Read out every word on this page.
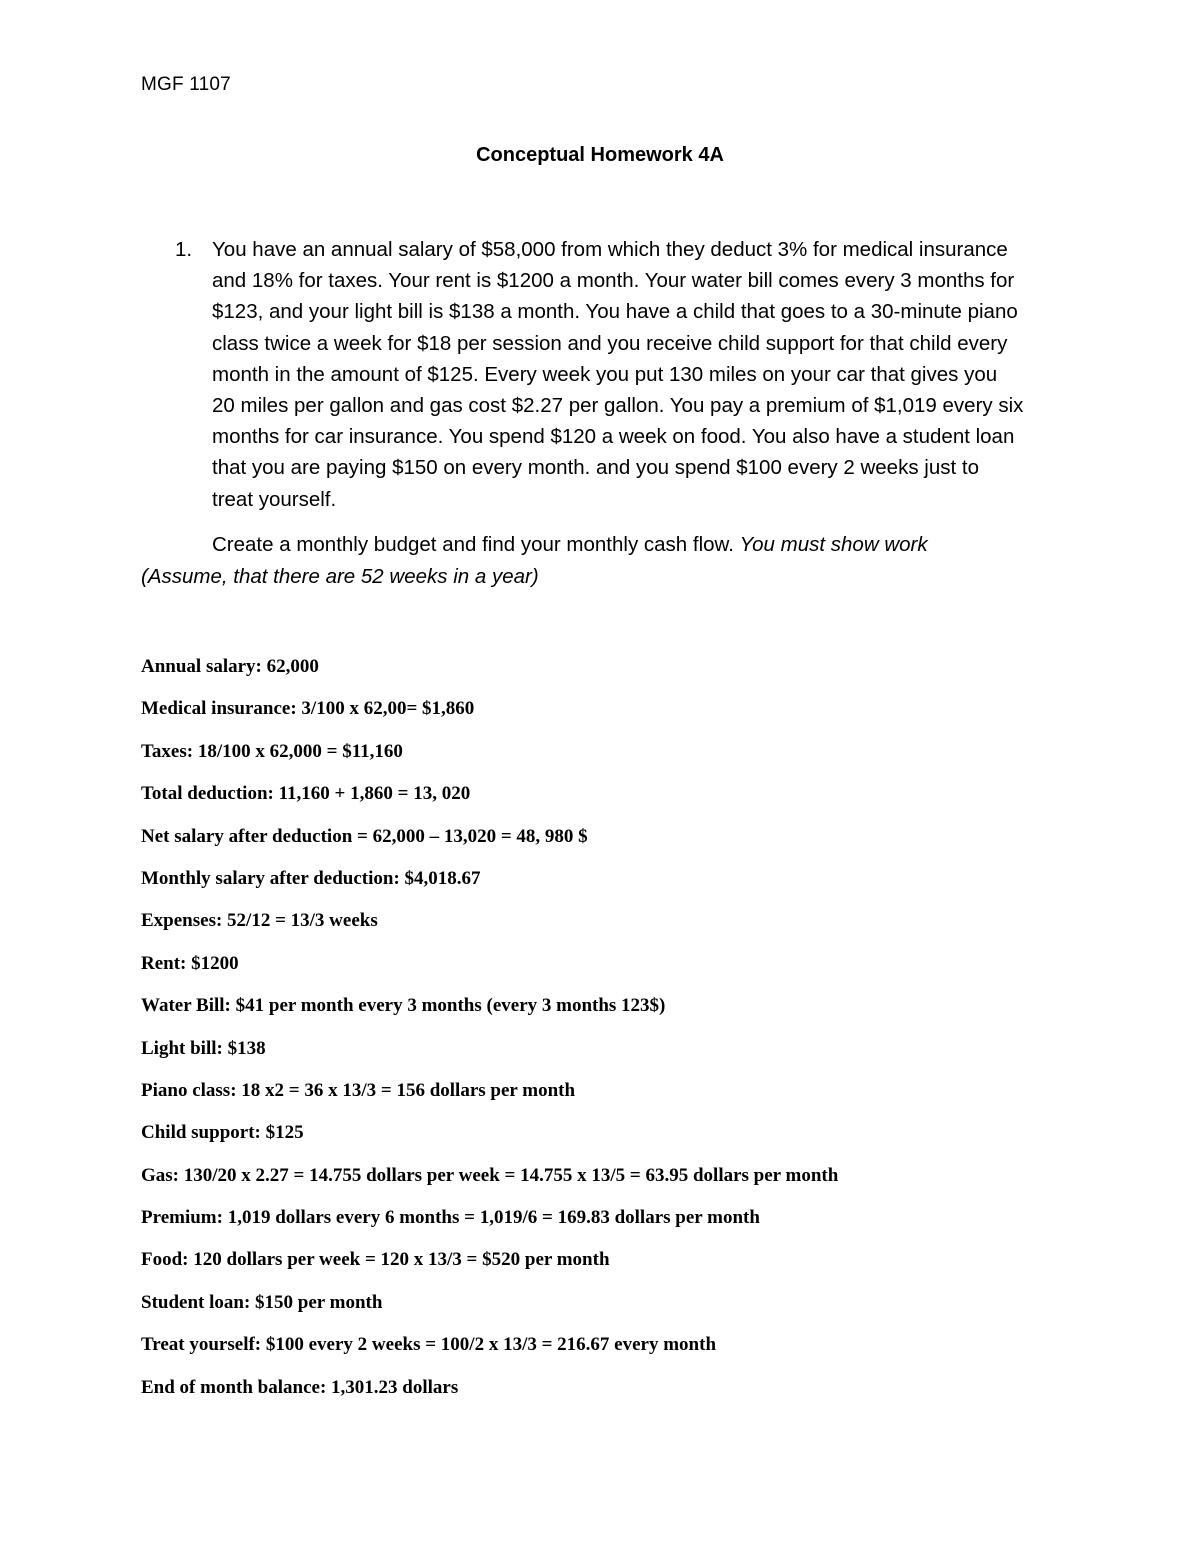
MGF 1107
Conceptual Homework 4A
1. You have an annual salary of $58,000 from which they deduct 3% for medical insurance
and 18% for taxes. Your rent is $1200 a month. Your water bill comes every 3 months for
$123, and your light bill is $138 a month. You have a child that goes to a 30-minute piano
class twice a week for $18 per session and you receive child support for that child every
month in the amount of $125. Every week you put 130 miles on your car that gives you
20 miles per gallon and gas cost $2.27 per gallon. You pay a premium of $1,019 every six
months for car insurance. You spend $120 a week on food. You also have a student loan
that you are paying $150 on every month. and you spend $100 every 2 weeks just to
treat yourself.
Create a monthly budget and find your monthly cash flow. You must show work
(Assume, that there are 52 weeks in a year)
Annual salary: 62,000
Medical insurance: 3/100 x 62,00= $1,860
Taxes: 18/100 x 62,000 = $11,160
Total deduction: 11,160 + 1,860 = 13, 020
Net salary after deduction = 62,000 – 13,020 = 48, 980 $
Monthly salary after deduction: $4,018.67
Expenses: 52/12 = 13/3 weeks
Rent: $1200
Water Bill: $41 per month every 3 months (every 3 months 123$)
Light bill: $138
Piano class: 18 x2 = 36 x 13/3 = 156 dollars per month
Child support: $125
Gas: 130/20 x 2.27 = 14.755 dollars per week = 14.755 x 13/5 = 63.95 dollars per month
Premium: 1,019 dollars every 6 months = 1,019/6 = 169.83 dollars per month
Food: 120 dollars per week = 120 x 13/3 = $520 per month
Student loan: $150 per month
Treat yourself: $100 every 2 weeks = 100/2 x 13/3 = 216.67 every month
End of month balance: 1,301.23 dollars
